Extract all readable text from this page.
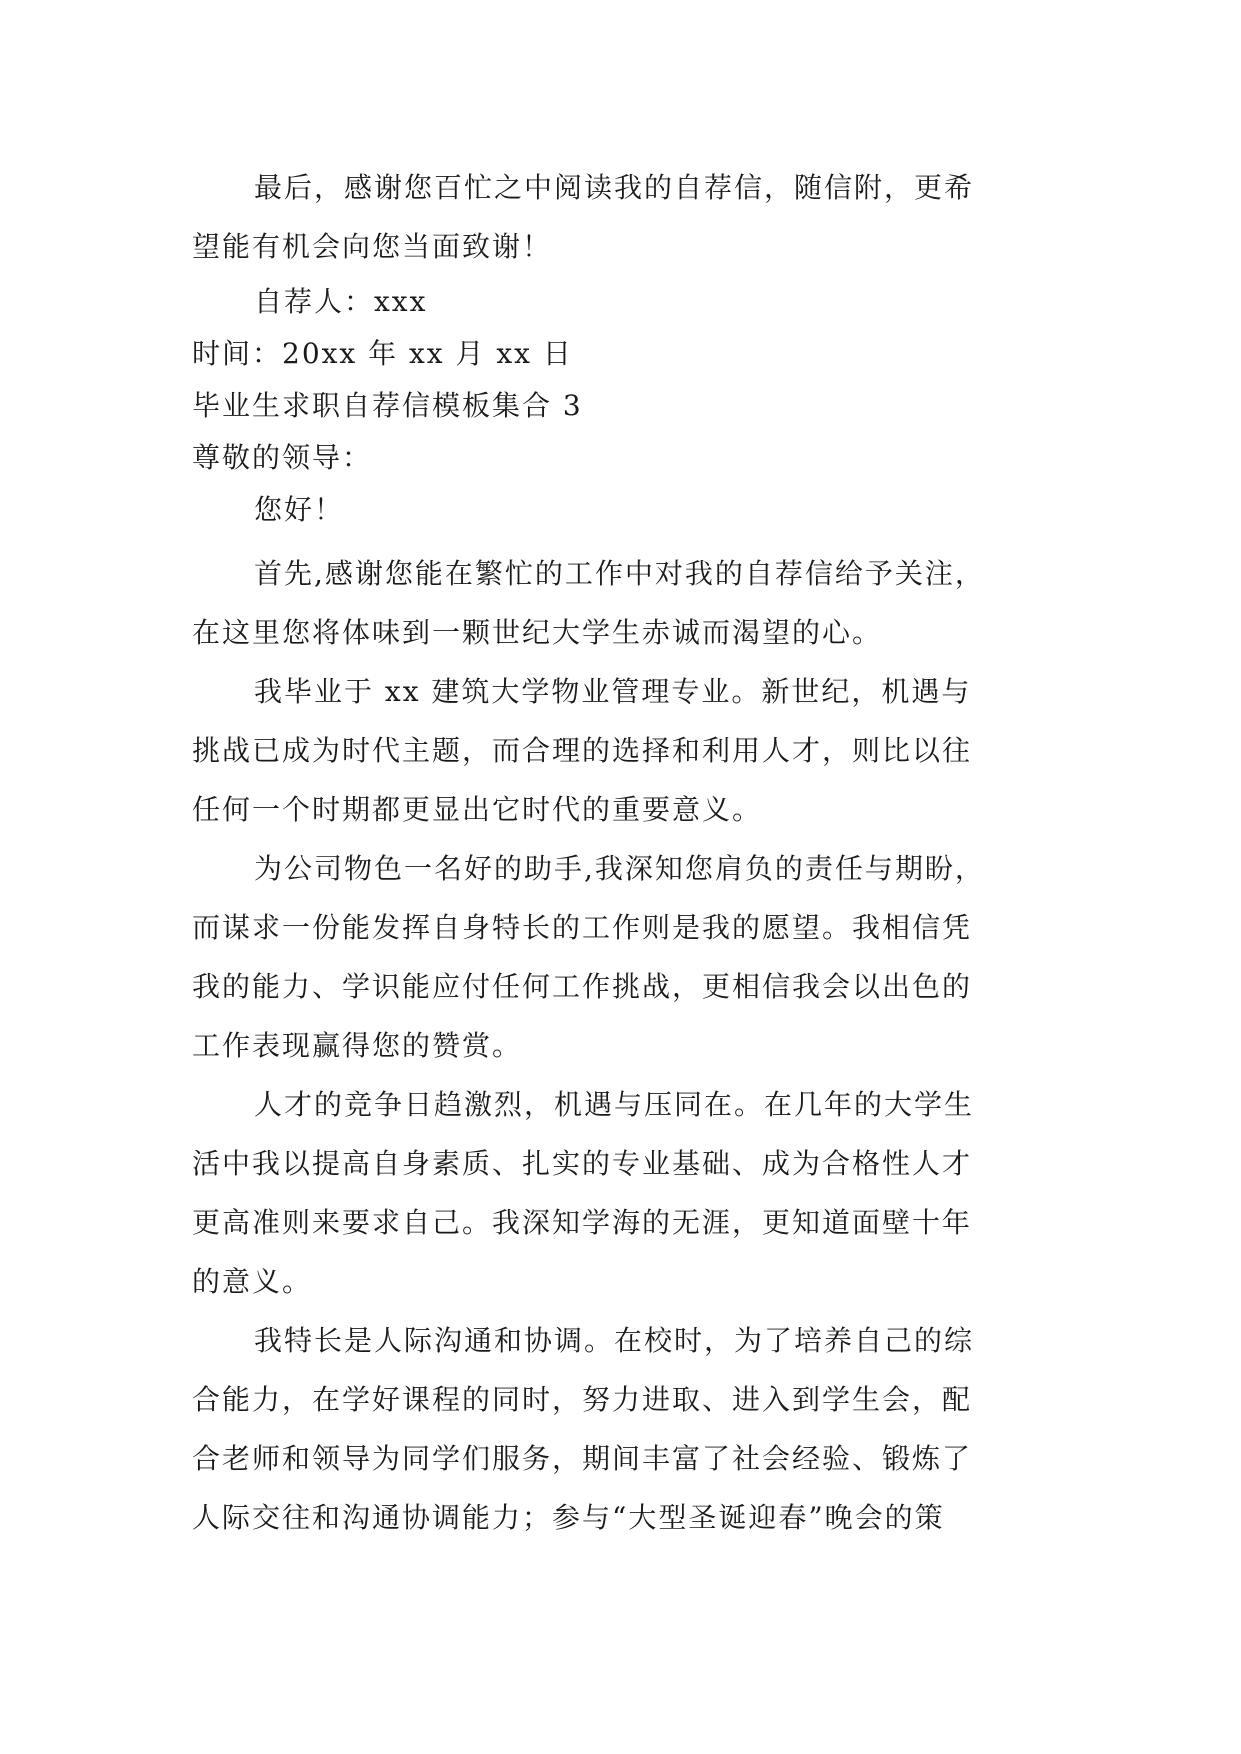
最后，感谢您百忙之中阅读我的自荐信，随信附，更希

望能有机会向您当面致谢！

自荐人：xxx

时间：20xx 年 xx 月 xx 日

毕业生求职自荐信模板集合 3

尊敬的领导：

您好！

首先,感谢您能在繁忙的工作中对我的自荐信给予关注，

在这里您将体味到一颗世纪大学生赤诚而渴望的心。

我毕业于 xx 建筑大学物业管理专业。新世纪，机遇与

挑战已成为时代主题，而合理的选择和利用人才，则比以往

任何一个时期都更显出它时代的重要意义。

为公司物色一名好的助手,我深知您肩负的责任与期盼，

而谋求一份能发挥自身特长的工作则是我的愿望。我相信凭

我的能力、学识能应付任何工作挑战，更相信我会以出色的

工作表现赢得您的赞赏。

人才的竞争日趋激烈，机遇与压同在。在几年的大学生

活中我以提高自身素质、扎实的专业基础、成为合格性人才

更高准则来要求自己。我深知学海的无涯，更知道面壁十年

的意义。

我特长是人际沟通和协调。在校时，为了培养自己的综

合能力，在学好课程的同时，努力进取、进入到学生会，配

合老师和领导为同学们服务，期间丰富了社会经验、锻炼了

人际交往和沟通协调能力；参与“大型圣诞迎春”晚会的策
